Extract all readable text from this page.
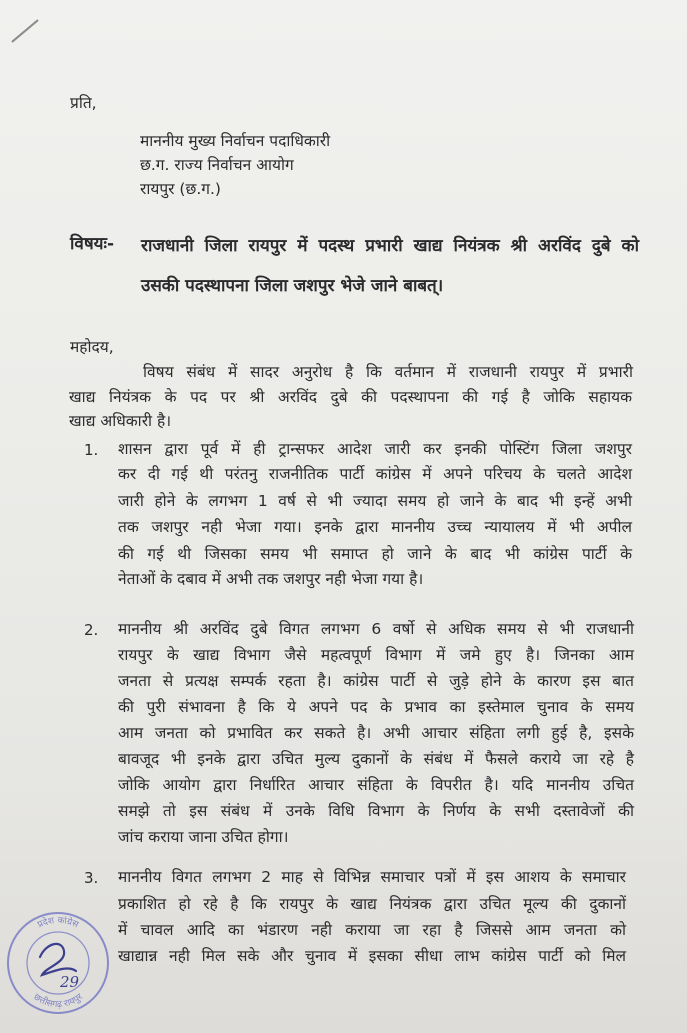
प्रति,
माननीय मुख्य निर्वाचन पदाधिकारी
छ.ग. राज्य निर्वाचन आयोग
रायपुर (छ.ग.)
विषयः- राजधानी जिला रायपुर में पदस्थ प्रभारी खाद्य नियंत्रक श्री अरविंद दुबे को
उसकी पदस्थापना जिला जशपुर भेजे जाने बाबत्।
महोदय,
विषय संबंध में सादर अनुरोध है कि वर्तमान में राजधानी रायपुर में प्रभारी
खाद्य नियंत्रक के पद पर श्री अरविंद दुबे की पदस्थापना की गई है जोकि सहायक
खाद्य अधिकारी है।
1. शासन द्वारा पूर्व में ही ट्रान्सफर आदेश जारी कर इनकी पोस्टिंग जिला जशपुर
कर दी गई थी परंतनु राजनीतिक पार्टी कांग्रेस में अपने परिचय के चलते आदेश
जारी होने के लगभग 1 वर्ष से भी ज्यादा समय हो जाने के बाद भी इन्हें अभी
तक जशपुर नही भेजा गया। इनके द्वारा माननीय उच्च न्यायालय में भी अपील
की गई थी जिसका समय भी समाप्त हो जाने के बाद भी कांग्रेस पार्टी के
नेताओं के दबाव में अभी तक जशपुर नही भेजा गया है।
2. माननीय श्री अरविंद दुबे विगत लगभग 6 वर्षो से अधिक समय से भी राजधानी
रायपुर के खाद्य विभाग जैसे महत्वपूर्ण विभाग में जमे हुए है। जिनका आम
जनता से प्रत्यक्ष सम्पर्क रहता है। कांग्रेस पार्टी से जुड़े होने के कारण इस बात
की पुरी संभावना है कि ये अपने पद के प्रभाव का इस्तेमाल चुनाव के समय
आम जनता को प्रभावित कर सकते है। अभी आचार संहिता लगी हुई है, इसके
बावजूद भी इनके द्वारा उचित मुल्य दुकानों के संबंध में फैसले कराये जा रहे है
जोकि आयोग द्वारा निर्धारित आचार संहिता के विपरीत है। यदि माननीय उचित
समझे तो इस संबंध में उनके विधि विभाग के निर्णय के सभी दस्तावेजों की
जांच कराया जाना उचित होगा।
3. माननीय विगत लगभग 2 माह से विभिन्न समाचार पत्रों में इस आशय के समाचार
प्रकाशित हो रहे है कि रायपुर के खाद्य नियंत्रक द्वारा उचित मूल्य की दुकानों
में चावल आदि का भंडारण नही कराया जा रहा है जिससे आम जनता को
खाद्यान्न नही मिल सके और चुनाव में इसका सीधा लाभ कांग्रेस पार्टी को मिल
प्रदेश कांग्रेस
छत्तीसगढ़ रायपुर
29
